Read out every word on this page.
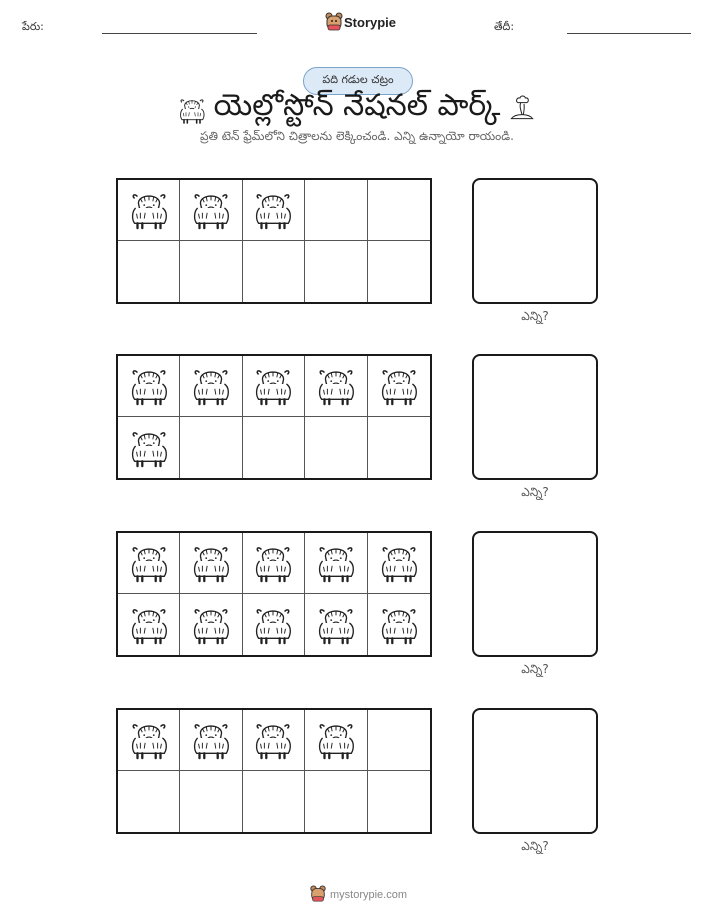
పేరు:	Storypie	తేదీ:
పది గడుల చట్రం
యెల్లోస్టోన్ నేషనల్ పార్క్
ప్రతి టెన్ ఫ్రేమ్‌లోని చిత్రాలను లెక్కించండి. ఎన్ని ఉన్నాయో రాయండి.
ఎన్ని?
ఎన్ని?
ఎన్ని?
ఎన్ని?
mystorypie.com
